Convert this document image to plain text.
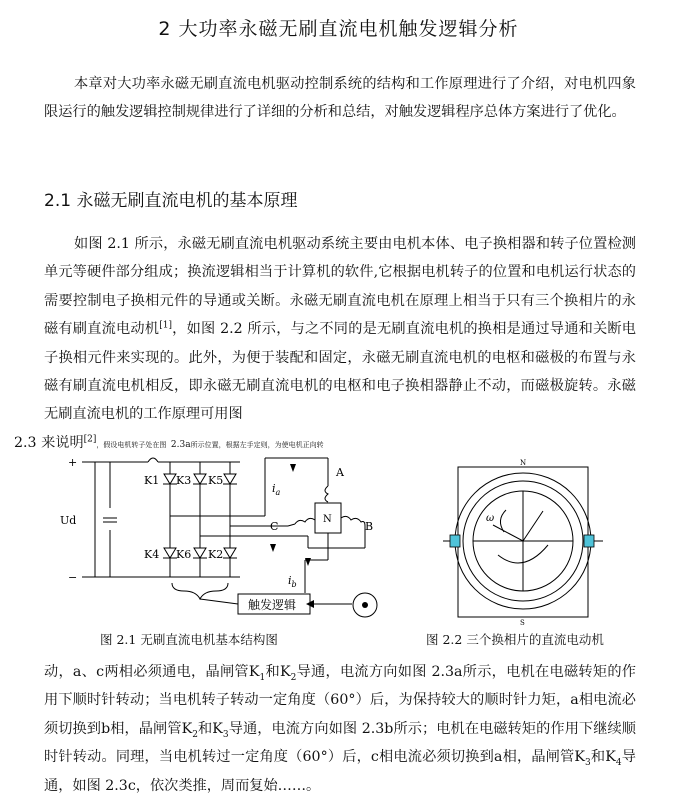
2 大功率永磁无刷直流电机触发逻辑分析
本章对大功率永磁无刷直流电机驱动控制系统的结构和工作原理进行了介绍，对电机四象限运行的触发逻辑控制规律进行了详细的分析和总结，对触发逻辑程序总体方案进行了优化。
2.1 永磁无刷直流电机的基本原理
如图 2.1 所示，永磁无刷直流电机驱动系统主要由电机本体、电子换相器和转子位置检测单元等硬件部分组成；换流逻辑相当于计算机的软件,它根据电机转子的位置和电机运行状态的需要控制电子换相元件的导通或关断。永磁无刷直流电机在原理上相当于只有三个换相片的永磁有刷直流电动机[1]，如图 2.2 所示，与之不同的是无刷直流电机的换相是通过导通和关断电子换相元件来实现的。此外，为便于装配和固定，永磁无刷直流电机的电枢和磁极的布置与永磁有刷直流电机相反，即永磁无刷直流电机的电枢和电子换相器静止不动，而磁极旋转。永磁无刷直流电机的工作原理可用图
2.3 来说明[2]，假设电机转子处在图 2.3a所示位置，根据左手定则，为使电机正向转
+
−
Ud
K1 K3 K5
K4 K6 K2
A
B
C
$i_a$
$i_b$
N
触发逻辑
N
S
ω
图 2.1 无刷直流电机基本结构图	图 2.2 三个换相片的直流电动机
动，a、c两相必须通电，晶闸管$K_1$和$K_2$导通，电流方向如图 2.3a所示，电机在电磁转矩的作用下顺时针转动；当电机转子转动一定角度（60°）后，为保持较大的顺时针力矩，a相电流必须切换到b相，晶闸管$K_2$和$K_3$导通，电流方向如图 2.3b所示；电机在电磁转矩的作用下继续顺时针转动。同理，当电机转过一定角度（60°）后，c相电流必须切换到a相，晶闸管$K_3$和$K_4$导通，如图 2.3c，依次类推，周而复始……。
